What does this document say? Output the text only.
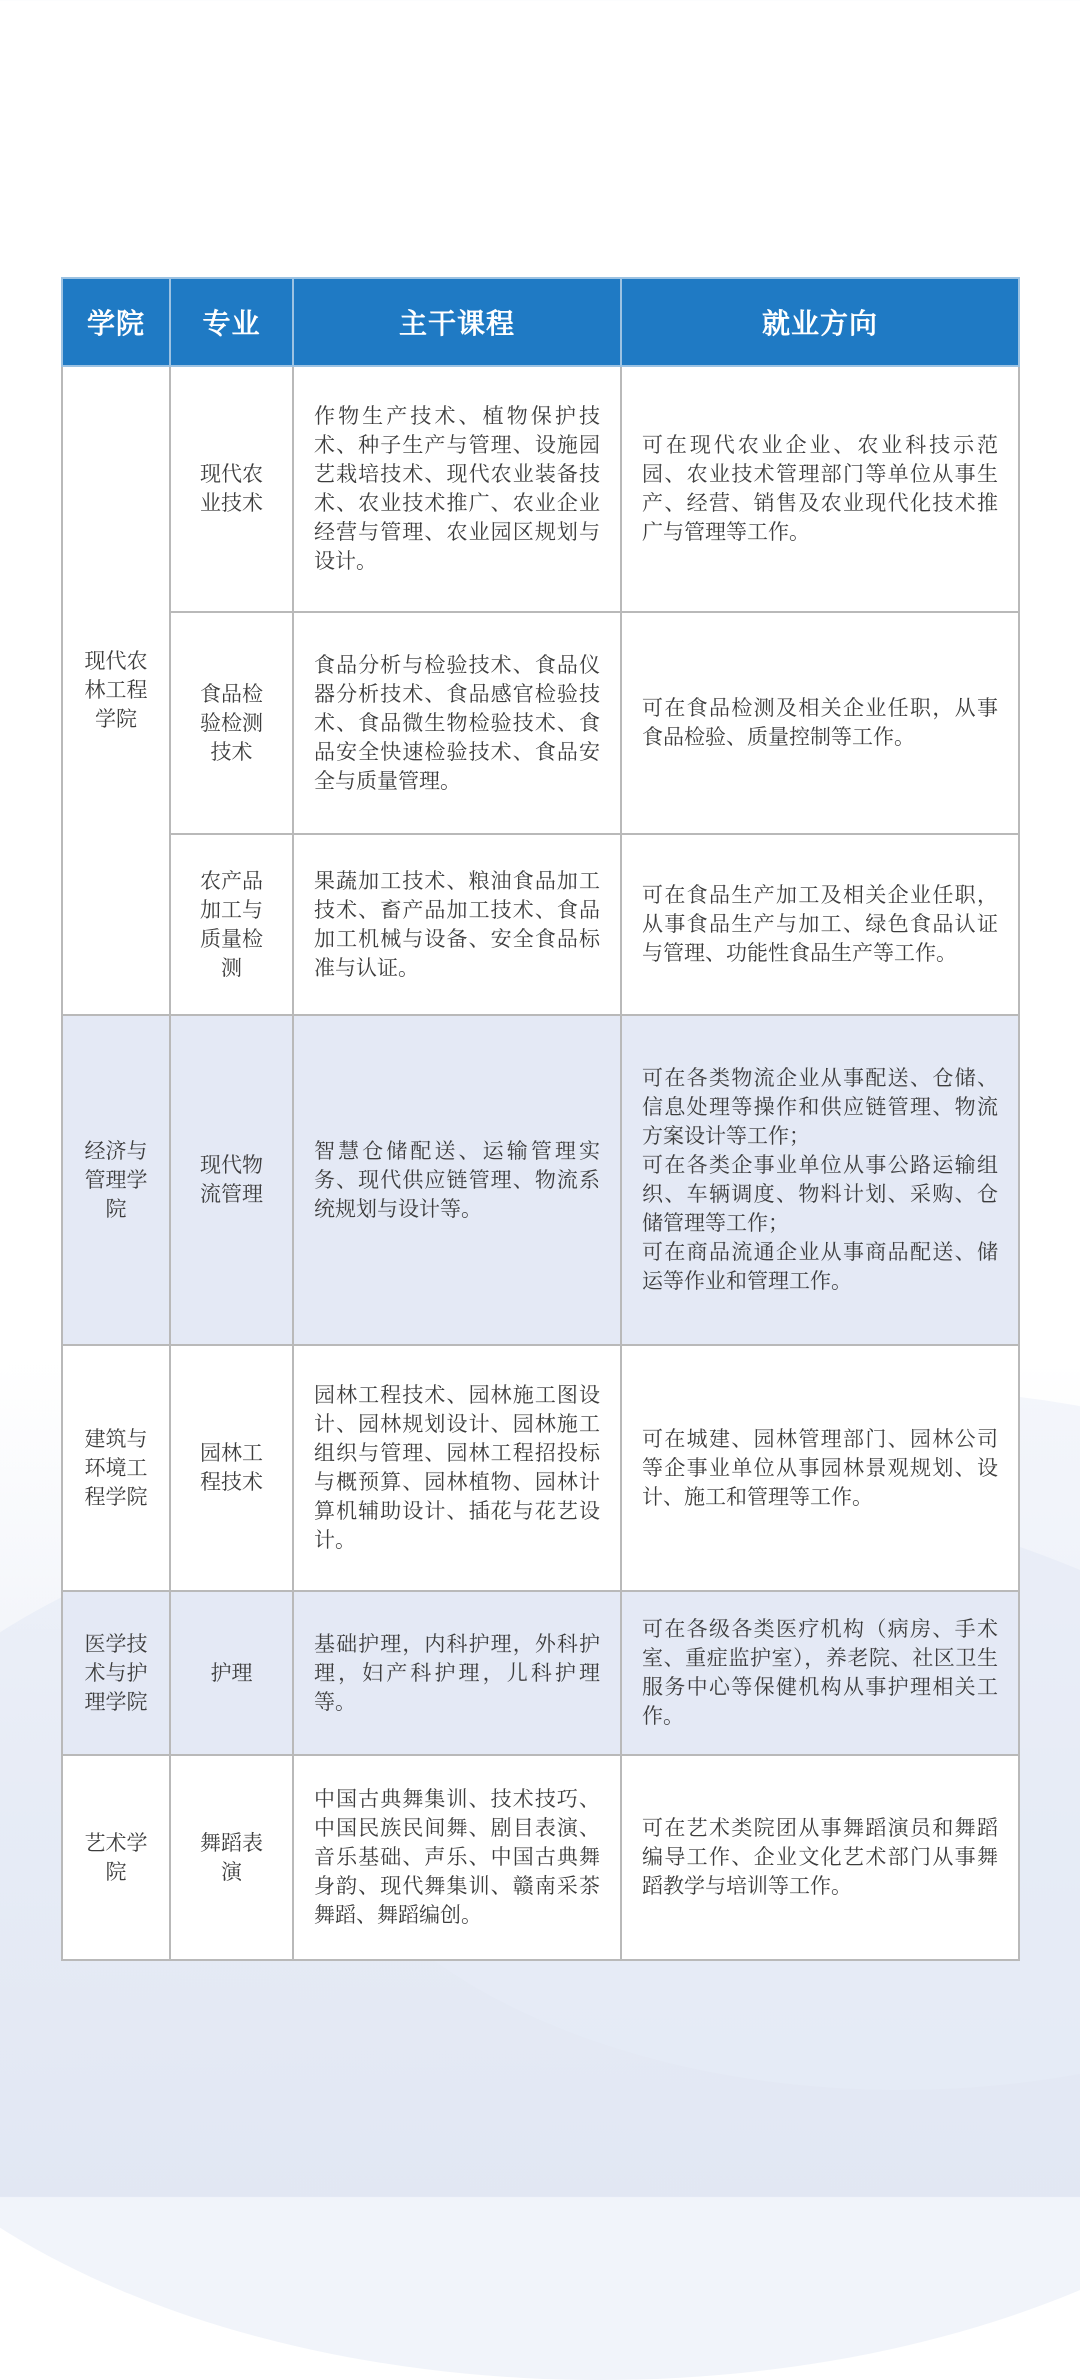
学院	专业	主干课程	就业方向
现代农林工程学院	现代农业技术	作物生产技术、植物保护技术、种子生产与管理、设施园艺栽培技术、现代农业装备技术、农业技术推广、农业企业经营与管理、农业园区规划与设计。	可在现代农业企业、农业科技示范园、农业技术管理部门等单位从事生产、经营、销售及农业现代化技术推广与管理等工作。

	食品检验检测技术	食品分析与检验技术、食品仪器分析技术、食品感官检验技术、食品微生物检验技术、食品安全快速检验技术、食品安全与质量管理。	可在食品检测及相关企业任职，从事食品检验、质量控制等工作。

	农产品加工与质量检测	果蔬加工技术、粮油食品加工技术、畜产品加工技术、食品加工机械与设备、安全食品标准与认证。	可在食品生产加工及相关企业任职，从事食品生产与加工、绿色食品认证与管理、功能性食品生产等工作。

经济与管理学院	现代物流管理	智慧仓储配送、运输管理实务、现代供应链管理、物流系统规划与设计等。	可在各类物流企业从事配送、仓储、信息处理等操作和供应链管理、物流方案设计等工作；
可在各类企事业单位从事公路运输组织、车辆调度、物料计划、采购、仓储管理等工作；
可在商品流通企业从事商品配送、储运等作业和管理工作。

建筑与环境工程学院	园林工程技术	园林工程技术、园林施工图设计、园林规划设计、园林施工组织与管理、园林工程招投标与概预算、园林植物、园林计算机辅助设计、插花与花艺设计。	可在城建、园林管理部门、园林公司等企事业单位从事园林景观规划、设计、施工和管理等工作。

医学技术与护理学院	护理	基础护理，内科护理，外科护理，妇产科护理，儿科护理等。	可在各级各类医疗机构（病房、手术室、重症监护室），养老院、社区卫生服务中心等保健机构从事护理相关工作。

艺术学院	舞蹈表演	中国古典舞集训、技术技巧、中国民族民间舞、剧目表演、音乐基础、声乐、中国古典舞身韵、现代舞集训、赣南采茶舞蹈、舞蹈编创。	可在艺术类院团从事舞蹈演员和舞蹈编导工作、企业文化艺术部门从事舞蹈教学与培训等工作。
